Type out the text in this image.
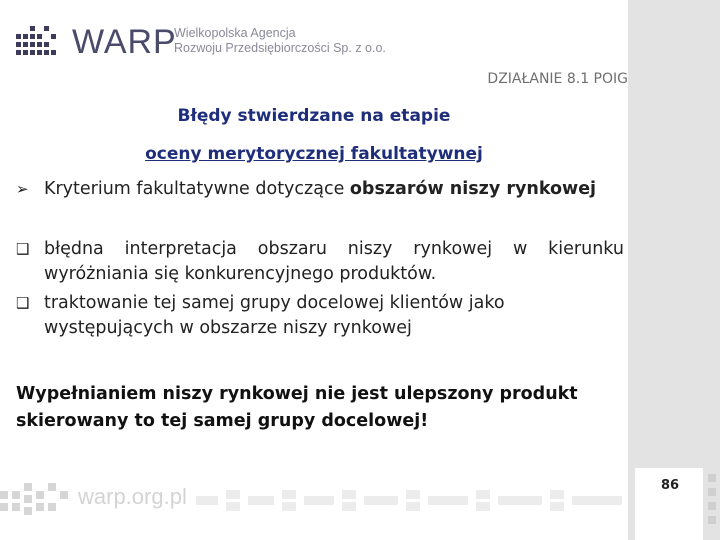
WARP
Wielkopolska Agencja
Rozwoju Przedsiębiorczości Sp. z o.o.
DZIAŁANIE 8.1 POIG
Błędy stwierdzane na etapie
oceny merytorycznej fakultatywnej
➢ Kryterium fakultatywne dotyczące obszarów niszy rynkowej
❑ błędna interpretacja obszaru niszy rynkowej w kierunku wyróżniania się konkurencyjnego produktów.
❑ traktowanie tej samej grupy docelowej klientów jako występujących w obszarze niszy rynkowej
Wypełnianiem niszy rynkowej nie jest ulepszony produkt skierowany to tej samej grupy docelowej!
warp.org.pl	86
